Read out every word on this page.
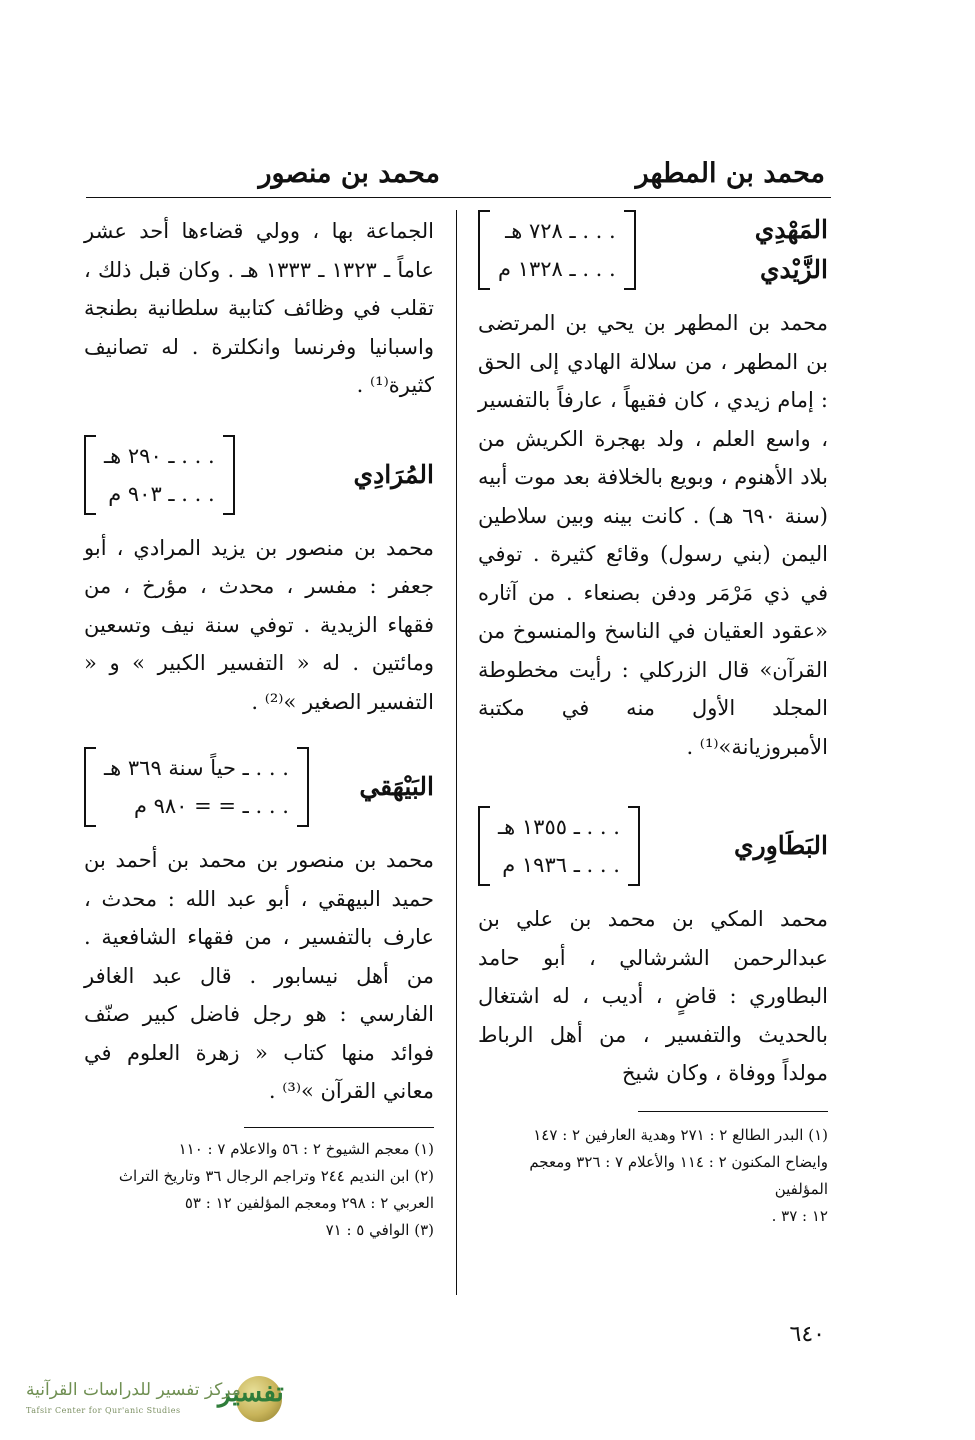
محمد بن المطهر
محمد بن منصور
المَهْدِي
الزَّيْدي
. . . ـ ٧٢٨ هـ
. . . ـ ١٣٢٨ م

محمد بن المطهر بن يحي بن المرتضى بن المطهر ، من سلالة الهادي إلى الحق : إمام زيدي ، كان فقيهاً ، عارفاً بالتفسير ، واسع العلم ، ولد بهجرة الكريش من بلاد الأهنوم ، وبويع بالخلافة بعد موت أبيه (سنة ٦٩٠ هـ) . كانت بينه وبين سلاطين اليمن (بني رسول) وقائع كثيرة . توفي في ذي مَرْمَر ودفن بصنعاء . من آثاره «عقود العقيان في الناسخ والمنسوخ من القرآن» قال الزركلي : رأيت مخطوطة المجلد الأول منه في مكتبة الأمبروزيانة»⁽¹⁾ .

البَطَاوِري
. . . ـ ١٣٥٥ هـ
. . . ـ ١٩٣٦ م

محمد المكي بن محمد بن علي بن عبدالرحمن الشرشالي ، أبو حامد البطاوري : قاضٍ ، أديب ، له اشتغال بالحديث والتفسير ، من أهل الرباط مولداً ووفاة ، وكان شيخ

(١) البدر الطالع ٢ : ٢٧١ وهدية العارفين ٢ : ١٤٧

وايضاح المكنون ٢ : ١١٤ والأعلام ٧ : ٣٢٦ ومعجم المؤلفين

١٢ : ٣٧ .

الجماعة بها ، وولي قضاءها أحد عشر عاماً ـ ١٣٢٣ ـ ١٣٣٣ هـ . وكان قبل ذلك ، تقلب في وظائف كتابية سلطانية بطنجة واسبانيا وفرنسا وانكلترة . له تصانيف كثيرة⁽¹⁾ .

المُرَادِي
. . . ـ ٢٩٠ هـ
. . . ـ ٩٠٣ م

محمد بن منصور بن يزيد المرادي ، أبو جعفر : مفسر ، محدث ، مؤرخ ، من فقهاء الزيدية . توفي سنة نيف وتسعين ومائتين . له « التفسير الكبير » و « التفسير الصغير »⁽²⁾ .

البَيْهَقي
. . . ـ حياً سنة ٣٦٩ هـ
. . . ـ = = ٩٨٠ م

محمد بن منصور بن محمد بن أحمد بن حميد البيهقي ، أبو عبد الله : محدث ، عارف بالتفسير ، من فقهاء الشافعية . من أهل نيسابور . قال عبد الغافر الفارسي : هو رجل فاضل كبير صنّف فوائد منها كتاب « زهرة العلوم في معاني القرآن »⁽³⁾ .

(١) معجم الشيوخ ٢ : ٥٦ والاعلام ٧ : ١١٠

(٢) ابن النديم ٢٤٤ وتراجم الرجال ٣٦ وتاريخ التراث

العربي ٢ : ٢٩٨ ومعجم المؤلفين ١٢ : ٥٣

(٣) الوافي ٥ : ٧١

٦٤٠
تفسير
مركز تفسير للدراسات القرآنية
Tafsir Center for Qur'anic Studies
